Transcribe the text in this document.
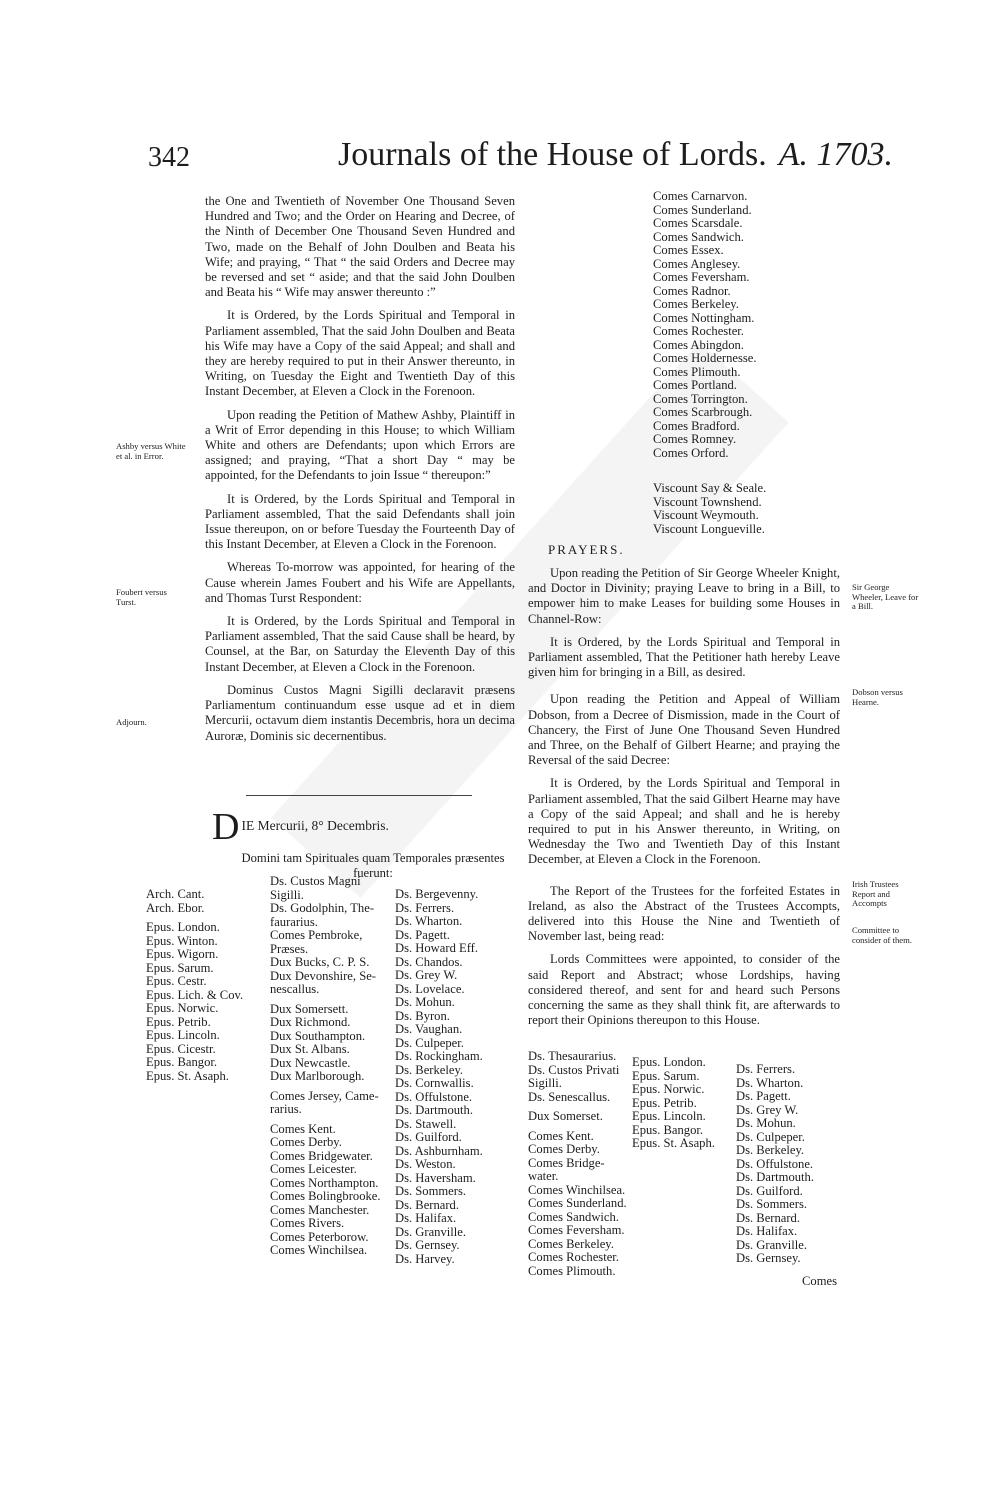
342	Journals of the House of Lords. A. 1703.

the One and Twentieth of November One Thousand Seven Hundred and Two; and the Order on Hearing and Decree, of the Ninth of December One Thousand Seven Hundred and Two, made on the Behalf of John Doulben and Beata his Wife; and praying, “ That “ the said Orders and Decree may be reversed and set “ aside; and that the said John Doulben and Beata his “ Wife may answer thereunto :”

It is Ordered, by the Lords Spiritual and Temporal in Parliament assembled, That the said John Doulben and Beata his Wife may have a Copy of the said Appeal; and shall and they are hereby required to put in their Answer thereunto, in Writing, on Tuesday the Eight and Twentieth Day of this Instant December, at Eleven a Clock in the Forenoon.

Upon reading the Petition of Mathew Ashby, Plaintiff in a Writ of Error depending in this House; to which William White and others are Defendants; upon which Errors are assigned; and praying, “That a short Day “ may be appointed, for the Defendants to join Issue “ thereupon:”

It is Ordered, by the Lords Spiritual and Temporal in Parliament assembled, That the said Defendants shall join Issue thereupon, on or before Tuesday the Fourteenth Day of this Instant December, at Eleven a Clock in the Forenoon.

Whereas To-morrow was appointed, for hearing of the Cause wherein James Foubert and his Wife are Appellants, and Thomas Turst Respondent:

It is Ordered, by the Lords Spiritual and Temporal in Parliament assembled, That the said Cause shall be heard, by Counsel, at the Bar, on Saturday the Eleventh Day of this Instant December, at Eleven a Clock in the Forenoon.

Dominus Custos Magni Sigilli declaravit præsens Parliamentum continuandum esse usque ad et in diem Mercurii, octavum diem instantis Decembris, hora un decima Auroræ, Dominis sic decernentibus.

Ashby versus White et al. in Error.
Foubert versus Turst.
Adjourn.
D IE Mercurii, 8° Decembris.
Domini tam Spirituales quam Temporales præsentes fuerunt:
Arch. Cant.
Arch. Ebor.

Epus. London.
Epus. Winton.
Epus. Wigorn.
Epus. Sarum.
Epus. Cestr.
Epus. Lich. & Cov.
Epus. Norwic.
Epus. Petrib.
Epus. Lincoln.
Epus. Cicestr.
Epus. Bangor.
Epus. St. Asaph.
Ds. Custos Magni
Sigilli.
Ds. Godolphin, The-
faurarius.
Comes Pembroke,
Præses.
Dux Bucks, C. P. S.
Dux Devonshire, Se-
nescallus.

Dux Somersett.
Dux Richmond.
Dux Southampton.
Dux St. Albans.
Dux Newcastle.
Dux Marlborough.

Comes Jersey, Came-
rarius.

Comes Kent.
Comes Derby.
Comes Bridgewater.
Comes Leicester.
Comes Northampton.
Comes Bolingbrooke.
Comes Manchester.
Comes Rivers.
Comes Peterborow.
Comes Winchilsea.
Ds. Bergevenny.
Ds. Ferrers.
Ds. Wharton.
Ds. Pagett.
Ds. Howard Eff.
Ds. Chandos.
Ds. Grey W.
Ds. Lovelace.
Ds. Mohun.
Ds. Byron.
Ds. Vaughan.
Ds. Culpeper.
Ds. Rockingham.
Ds. Berkeley.
Ds. Cornwallis.
Ds. Offulstone.
Ds. Dartmouth.
Ds. Stawell.
Ds. Guilford.
Ds. Ashburnham.
Ds. Weston.
Ds. Haversham.
Ds. Sommers.
Ds. Bernard.
Ds. Halifax.
Ds. Granville.
Ds. Gernsey.
Ds. Harvey.
Comes Carnarvon.
Comes Sunderland.
Comes Scarsdale.
Comes Sandwich.
Comes Essex.
Comes Anglesey.
Comes Feversham.
Comes Radnor.
Comes Berkeley.
Comes Nottingham.
Comes Rochester.
Comes Abingdon.
Comes Holdernesse.
Comes Plimouth.
Comes Portland.
Comes Torrington.
Comes Scarbrough.
Comes Bradford.
Comes Romney.
Comes Orford.
Viscount Say & Seale.
Viscount Townshend.
Viscount Weymouth.
Viscount Longueville.
PRAYERS.

Upon reading the Petition of Sir George Wheeler Knight, and Doctor in Divinity; praying Leave to bring in a Bill, to empower him to make Leases for building some Houses in Channel-Row:

It is Ordered, by the Lords Spiritual and Temporal in Parliament assembled, That the Petitioner hath hereby Leave given him for bringing in a Bill, as desired.

Upon reading the Petition and Appeal of William Dobson, from a Decree of Dismission, made in the Court of Chancery, the First of June One Thousand Seven Hundred and Three, on the Behalf of Gilbert Hearne; and praying the Reversal of the said Decree:

It is Ordered, by the Lords Spiritual and Temporal in Parliament assembled, That the said Gilbert Hearne may have a Copy of the said Appeal; and shall and he is hereby required to put in his Answer thereunto, in Writing, on Wednesday the Two and Twentieth Day of this Instant December, at Eleven a Clock in the Forenoon.

The Report of the Trustees for the forfeited Estates in Ireland, as also the Abstract of the Trustees Accompts, delivered into this House the Nine and Twentieth of November last, being read:

Lords Committees were appointed, to consider of the said Report and Abstract; whose Lordships, having considered thereof, and sent for and heard such Persons concerning the same as they shall think fit, are afterwards to report their Opinions thereupon to this House.

Sir George Wheeler, Leave for a Bill.
Dobson versus Hearne.
Irish Trustees Report and Accompts
Committee to consider of them.
Ds. Thesaurarius.
Ds. Custos Privati
Sigilli.
Ds. Senescallus.

Dux Somerset.

Comes Kent.
Comes Derby.
Comes Bridge-
water.
Comes Winchilsea.
Comes Sunderland.
Comes Sandwich.
Comes Feversham.
Comes Berkeley.
Comes Rochester.
Comes Plimouth.

Epus. London.
Epus. Sarum.
Epus. Norwic.
Epus. Petrib.
Epus. Lincoln.
Epus. Bangor.
Epus. St. Asaph.
Ds. Ferrers.
Ds. Wharton.
Ds. Pagett.
Ds. Grey W.
Ds. Mohun.
Ds. Culpeper.
Ds. Berkeley.
Ds. Offulstone.
Ds. Dartmouth.
Ds. Guilford.
Ds. Sommers.
Ds. Bernard.
Ds. Halifax.
Ds. Granville.
Ds. Gernsey.
Comes
